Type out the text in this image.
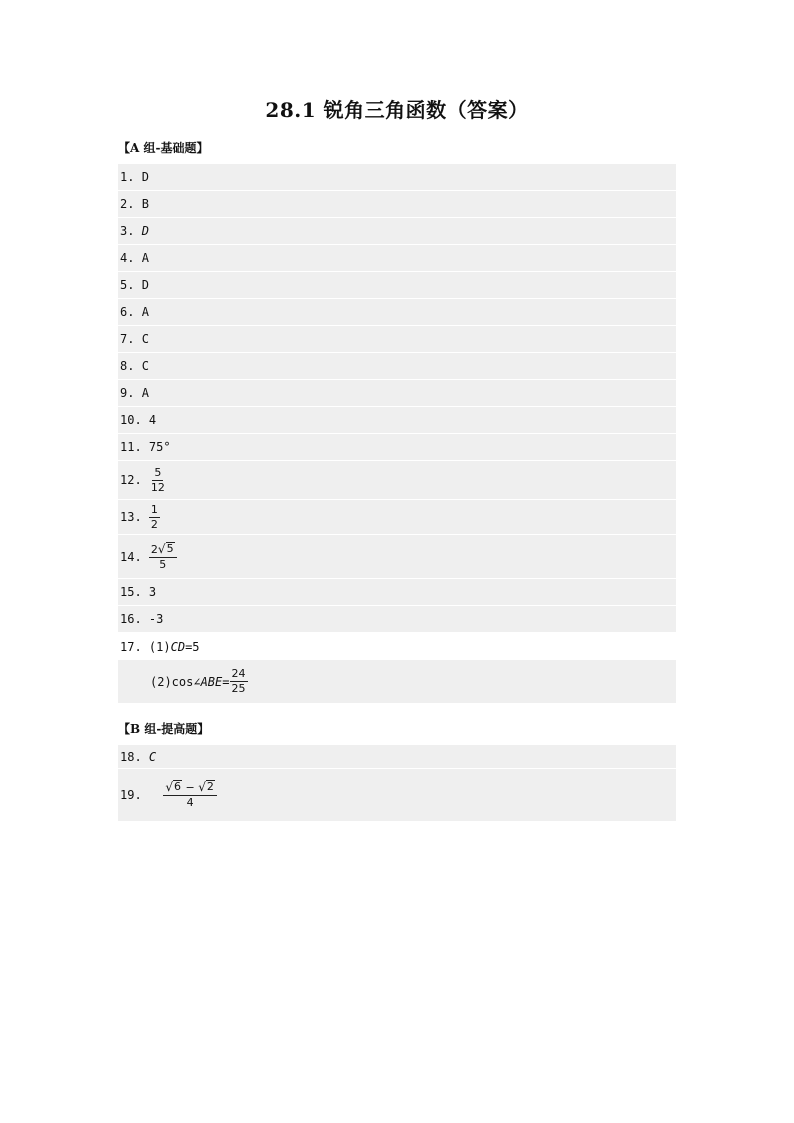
28.1 锐角三角函数（答案）
【A 组-基础题】
1.
D
2.
B
3.
D
4.
A
5.
D
6.
A
7.
C
8.
C
9.
A
10.
4
11.
75°
12.
$\frac{5}{12}$
13.
$\frac{1}{2}$
14.
$\frac{2 √ 5}{5}$
15.
3
16.
-3
17.
(1) CD =5
(2)cos∠ ABE = $\frac{24}{25}$
【B 组-提高题】
18.
C
19.
$\frac{√ 6 - √ 2}{4}$
